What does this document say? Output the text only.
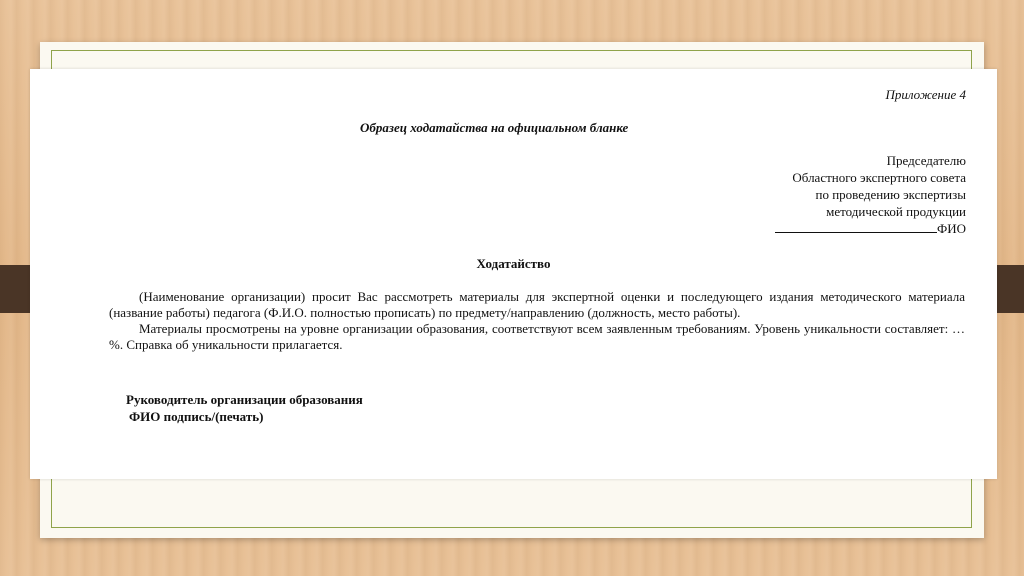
Приложение 4
Образец ходатайства на официальном бланке
Председателю
Областного экспертного совета
по проведению экспертизы
методической продукции
ФИО
Ходатайство

(Наименование организации) просит Вас рассмотреть материалы для экспертной оценки и последующего издания методического материала (название работы) педагога (Ф.И.О. полностью прописать) по предмету/направлению (должность, место работы).

Материалы просмотрены на уровне организации образования, соответствуют всем заявленным требованиям. Уровень уникальности составляет: … %. Справка об уникальности прилагается.

Руководитель организации образования
ФИО подпись/(печать)
